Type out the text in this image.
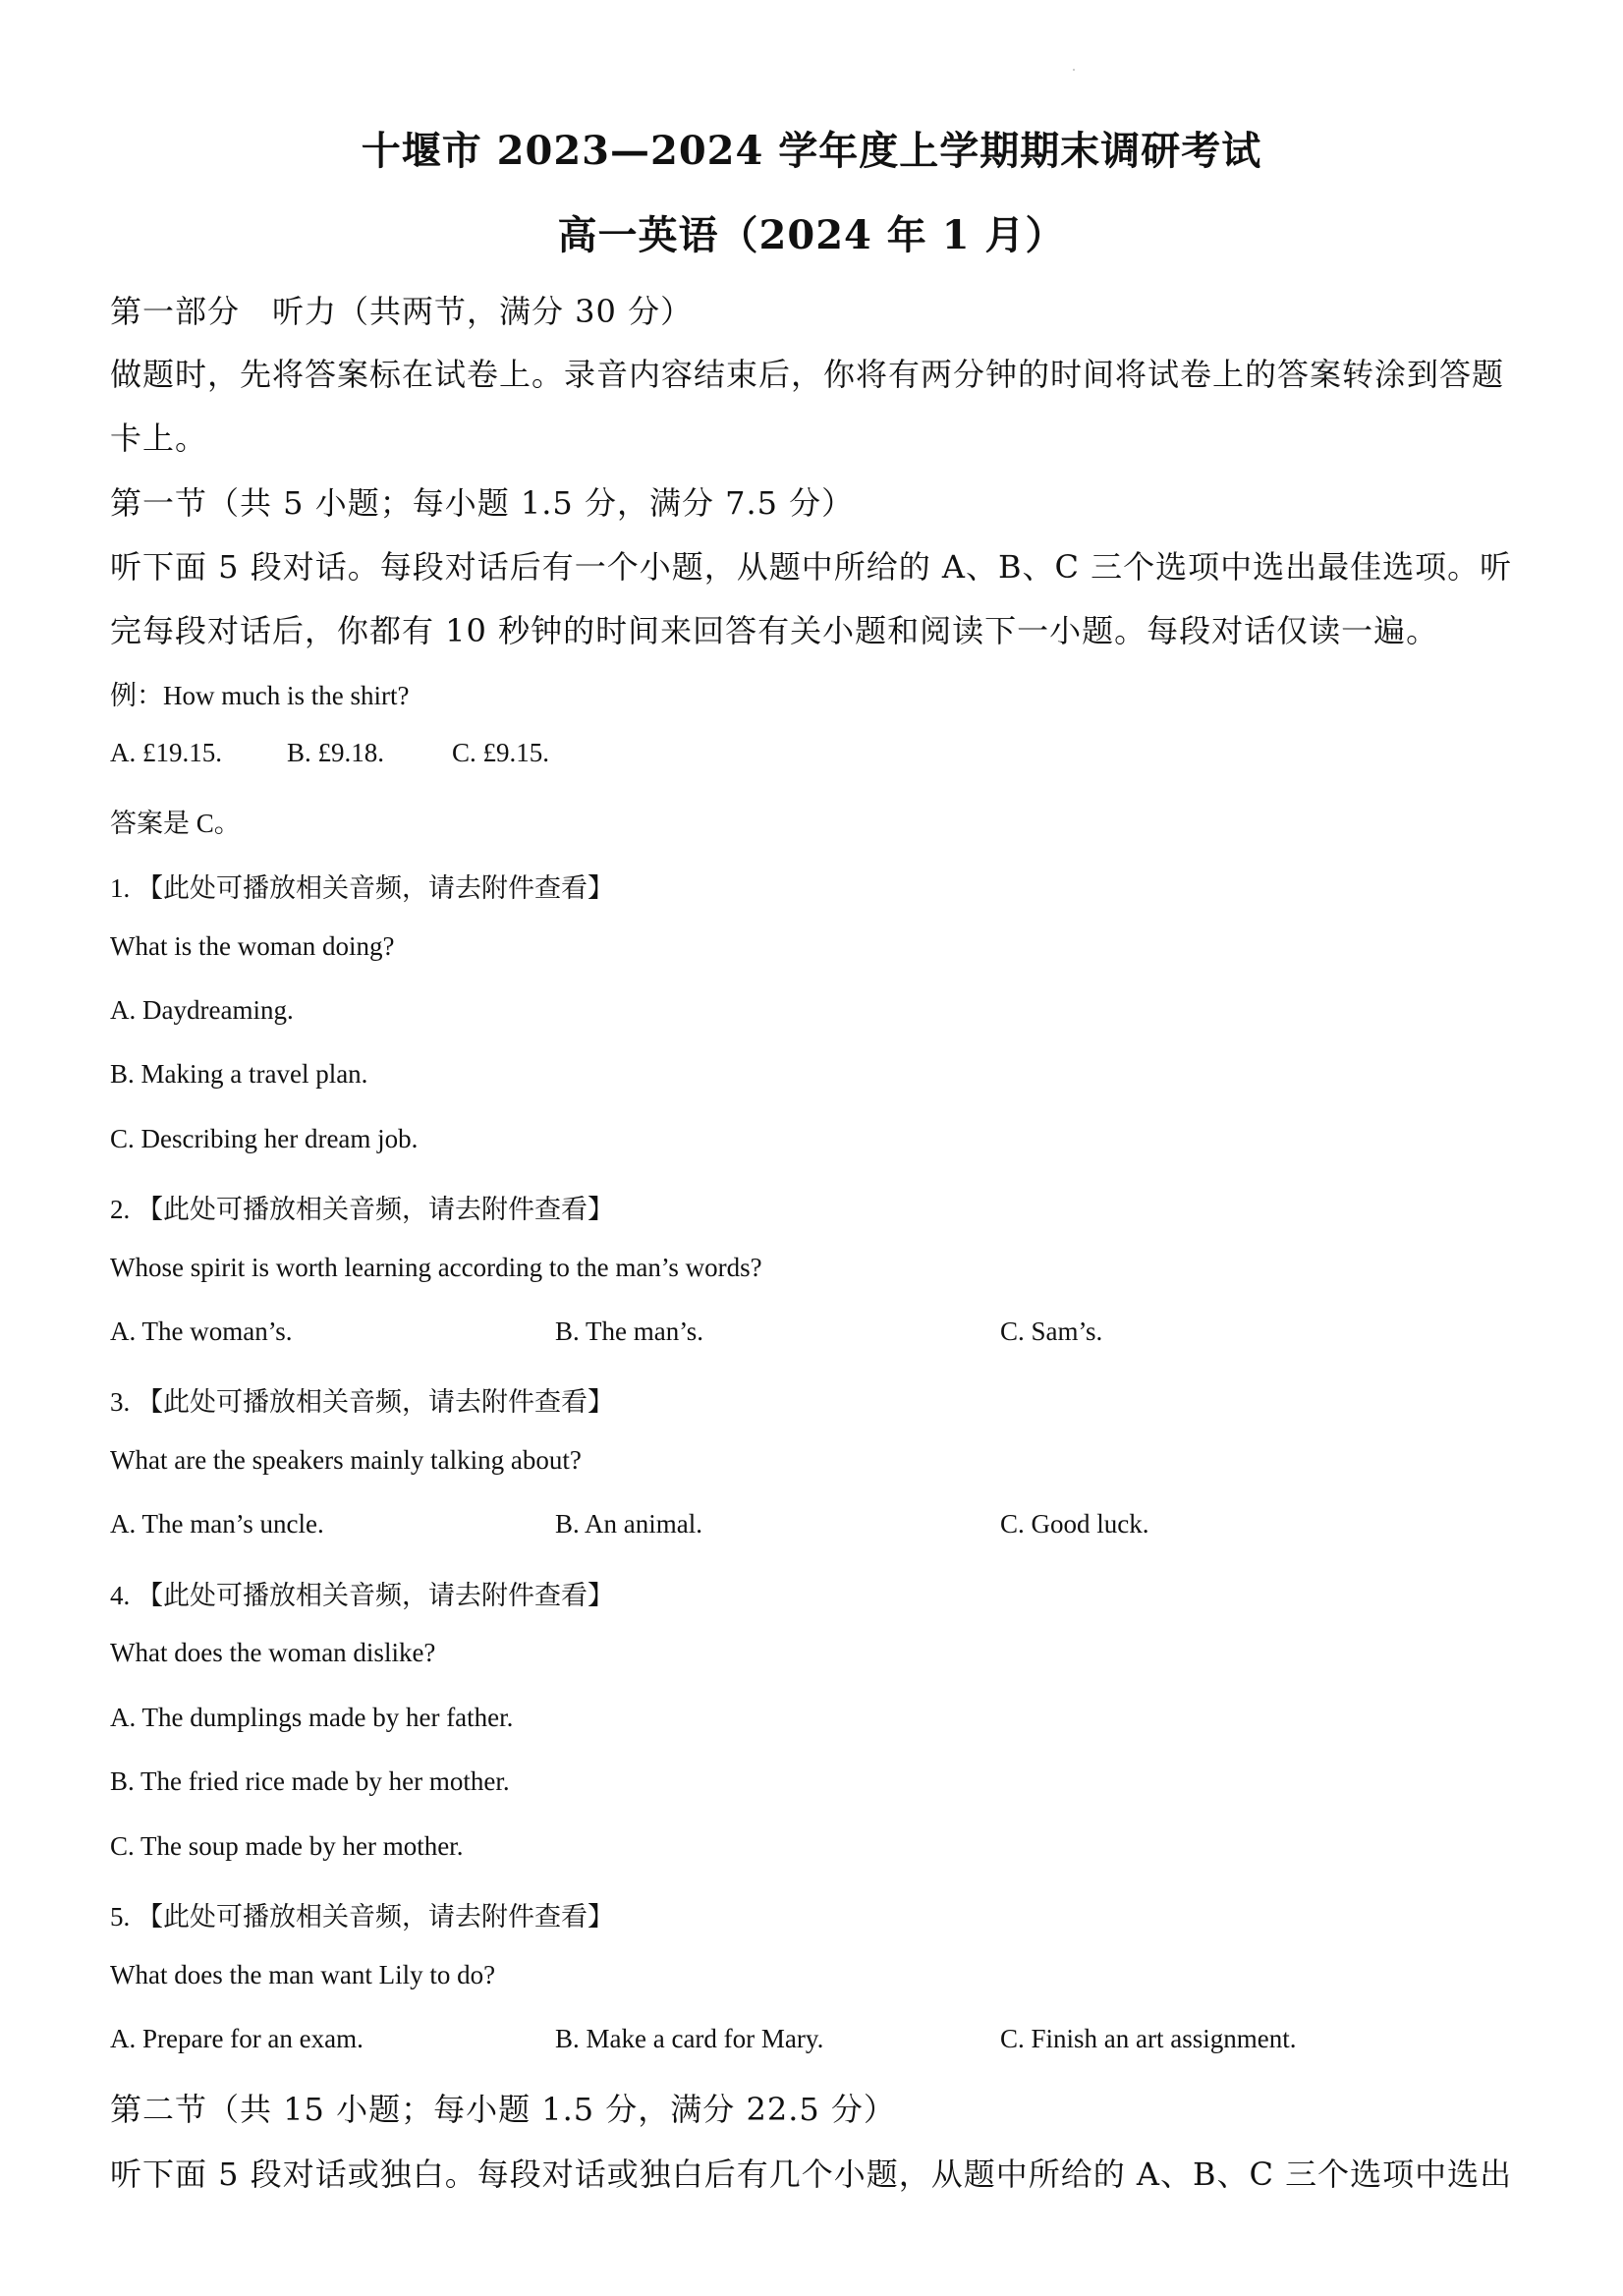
十堰市 2023—2024 学年度上学期期末调研考试
高一英语（2024 年 1 月）
第一部分　听力（共两节，满分 30 分）
做题时，先将答案标在试卷上。录音内容结束后，你将有两分钟的时间将试卷上的答案转涂到答题
卡上。
第一节（共 5 小题；每小题 1.5 分，满分 7.5 分）
听下面 5 段对话。每段对话后有一个小题，从题中所给的 A、B、C 三个选项中选出最佳选项。听
完每段对话后，你都有 10 秒钟的时间来回答有关小题和阅读下一小题。每段对话仅读一遍。
例：How much is the shirt?
A. £19.15. B. £9.18.	C. £9.15.
答案是 C。
1. 【此处可播放相关音频，请去附件查看】
What is the woman doing?
A. Daydreaming.
B. Making a travel plan.
C. Describing her dream job.
2. 【此处可播放相关音频，请去附件查看】
Whose spirit is worth learning according to the man’s words?
A. The woman’s.	B. The man’s.	C. Sam’s.
3. 【此处可播放相关音频，请去附件查看】
What are the speakers mainly talking about?
A. The man’s uncle.	B. An animal.	C. Good luck.
4. 【此处可播放相关音频，请去附件查看】
What does the woman dislike?
A. The dumplings made by her father.
B. The fried rice made by her mother.
C. The soup made by her mother.
5. 【此处可播放相关音频，请去附件查看】
What does the man want Lily to do?
A. Prepare for an exam.	B. Make a card for Mary.	C. Finish an art assignment.
第二节（共 15 小题；每小题 1.5 分，满分 22.5 分）
听下面 5 段对话或独白。每段对话或独白后有几个小题，从题中所给的 A、B、C 三个选项中选出
